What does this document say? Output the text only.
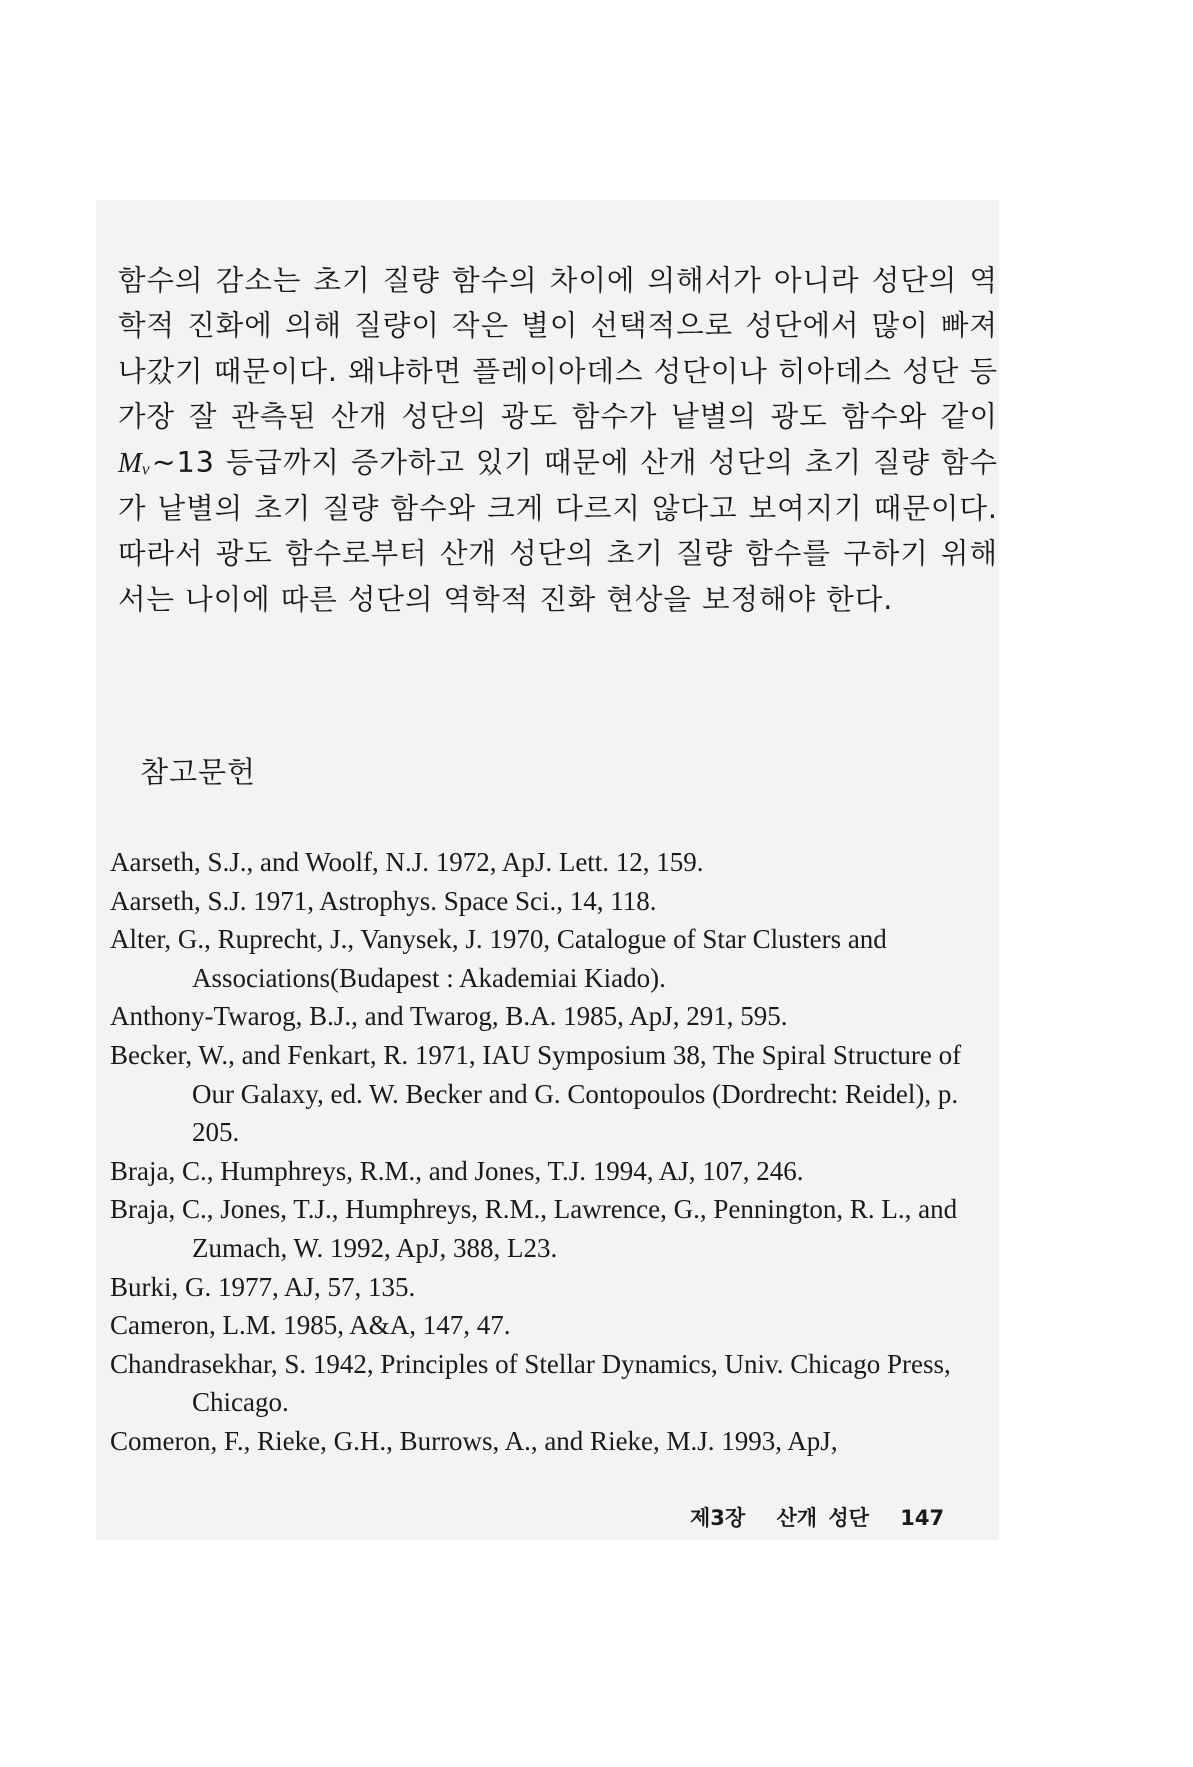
함수의 감소는 초기 질량 함수의 차이에 의해서가 아니라 성단의 역학적 진화에 의해 질량이 작은 별이 선택적으로 성단에서 많이 빠져나갔기 때문이다. 왜냐하면 플레이아데스 성단이나 히아데스 성단 등 가장 잘 관측된 산개 성단의 광도 함수가 낱별의 광도 함수와 같이 Mᵥ~13 등급까지 증가하고 있기 때문에 산개 성단의 초기 질량 함수가 낱별의 초기 질량 함수와 크게 다르지 않다고 보여지기 때문이다. 따라서 광도 함수로부터 산개 성단의 초기 질량 함수를 구하기 위해서는 나이에 따른 성단의 역학적 진화 현상을 보정해야 한다.

참고문헌
Aarseth, S.J., and Woolf, N.J. 1972, ApJ. Lett. 12, 159.
Aarseth, S.J. 1971, Astrophys. Space Sci., 14, 118.
Alter, G., Ruprecht, J., Vanysek, J. 1970, Catalogue of Star Clusters and Associations(Budapest : Akademiai Kiado).
Anthony-Twarog, B.J., and Twarog, B.A. 1985, ApJ, 291, 595.
Becker, W., and Fenkart, R. 1971, IAU Symposium 38, The Spiral Structure of Our Galaxy, ed. W. Becker and G. Contopoulos (Dordrecht: Reidel), p. 205.
Braja, C., Humphreys, R.M., and Jones, T.J. 1994, AJ, 107, 246.
Braja, C., Jones, T.J., Humphreys, R.M., Lawrence, G., Pennington, R. L., and Zumach, W. 1992, ApJ, 388, L23.
Burki, G. 1977, AJ, 57, 135.
Cameron, L.M. 1985, A&A, 147, 47.
Chandrasekhar, S. 1942, Principles of Stellar Dynamics, Univ. Chicago Press, Chicago.
Comeron, F., Rieke, G.H., Burrows, A., and Rieke, M.J. 1993, ApJ,
제3장 산개 성단 147
